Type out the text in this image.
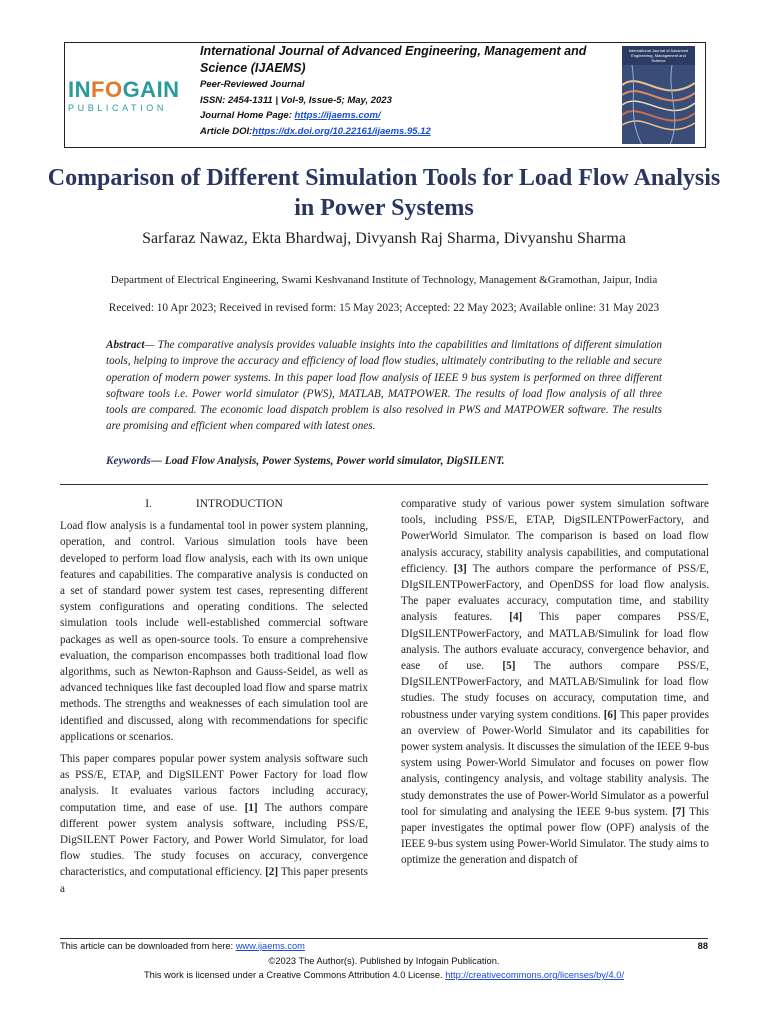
INFOGAIN
PUBLICATION
International Journal of Advanced Engineering, Management and Science (IJAEMS)
Peer-Reviewed Journal
ISSN: 2454-1311 | Vol-9, Issue-5; May, 2023
Journal Home Page: https://ijaems.com/
Article DOI:https://dx.doi.org/10.22161/ijaems.95.12
International Journal of Advanced Engineering, Management and Science
Comparison of Different Simulation Tools for Load Flow Analysis in Power Systems
Sarfaraz Nawaz, Ekta Bhardwaj, Divyansh Raj Sharma, Divyanshu Sharma
Department of Electrical Engineering, Swami Keshvanand Institute of Technology, Management &Gramothan, Jaipur, India
Received: 10 Apr 2023; Received in revised form: 15 May 2023; Accepted: 22 May 2023; Available online: 31 May 2023
Abstract— The comparative analysis provides valuable insights into the capabilities and limitations of different simulation tools, helping to improve the accuracy and efficiency of load flow studies, ultimately contributing to the reliable and secure operation of modern power systems. In this paper load flow analysis of IEEE 9 bus system is performed on three different software tools i.e. Power world simulator (PWS), MATLAB, MATPOWER. The results of load flow analysis of all three tools are compared. The economic load dispatch problem is also resolved in PWS and MATPOWER software. The results are promising and efficient when compared with latest ones.
Keywords— Load Flow Analysis, Power Systems, Power world simulator, DigSILENT.
I.	INTRODUCTION

Load flow analysis is a fundamental tool in power system planning, operation, and control. Various simulation tools have been developed to perform load flow analysis, each with its own unique features and capabilities. The comparative analysis is conducted on a set of standard power system test cases, representing different system configurations and operating conditions. The selected simulation tools include well-established commercial software packages as well as open-source tools. To ensure a comprehensive evaluation, the comparison encompasses both traditional load flow algorithms, such as Newton-Raphson and Gauss-Seidel, as well as advanced techniques like fast decoupled load flow and sparse matrix methods. The strengths and weaknesses of each simulation tool are identified and discussed, along with recommendations for specific applications or scenarios.

This paper compares popular power system analysis software such as PSS/E, ETAP, and DigSILENT Power Factory for load flow analysis. It evaluates various factors including accuracy, computation time, and ease of use. [1] The authors compare different power system analysis software, including PSS/E, DigSILENT Power Factory, and Power World Simulator, for load flow studies. The study focuses on accuracy, convergence characteristics, and computational efficiency. [2] This paper presents a

comparative study of various power system simulation software tools, including PSS/E, ETAP, DigSILENTPowerFactory, and PowerWorld Simulator. The comparison is based on load flow analysis accuracy, stability analysis capabilities, and computational efficiency. [3] The authors compare the performance of PSS/E, DIgSILENTPowerFactory, and OpenDSS for load flow analysis. The paper evaluates accuracy, computation time, and stability analysis features. [4] This paper compares PSS/E, DIgSILENTPowerFactory, and MATLAB/Simulink for load flow analysis. The authors evaluate accuracy, convergence behavior, and ease of use. [5] The authors compare PSS/E, DIgSILENTPowerFactory, and MATLAB/Simulink for load flow studies. The study focuses on accuracy, computation time, and robustness under varying system conditions. [6] This paper provides an overview of Power-World Simulator and its capabilities for power system analysis. It discusses the simulation of the IEEE 9-bus system using Power-World Simulator and focuses on power flow analysis, contingency analysis, and voltage stability analysis. The study demonstrates the use of Power-World Simulator as a powerful tool for simulating and analysing the IEEE 9-bus system. [7] This paper investigates the optimal power flow (OPF) analysis of the IEEE 9-bus system using Power-World Simulator. The study aims to optimize the generation and dispatch of

This article can be downloaded from here: www.ijaems.com	88
©2023 The Author(s). Published by Infogain Publication.
This work is licensed under a Creative Commons Attribution 4.0 License. http://creativecommons.org/licenses/by/4.0/
